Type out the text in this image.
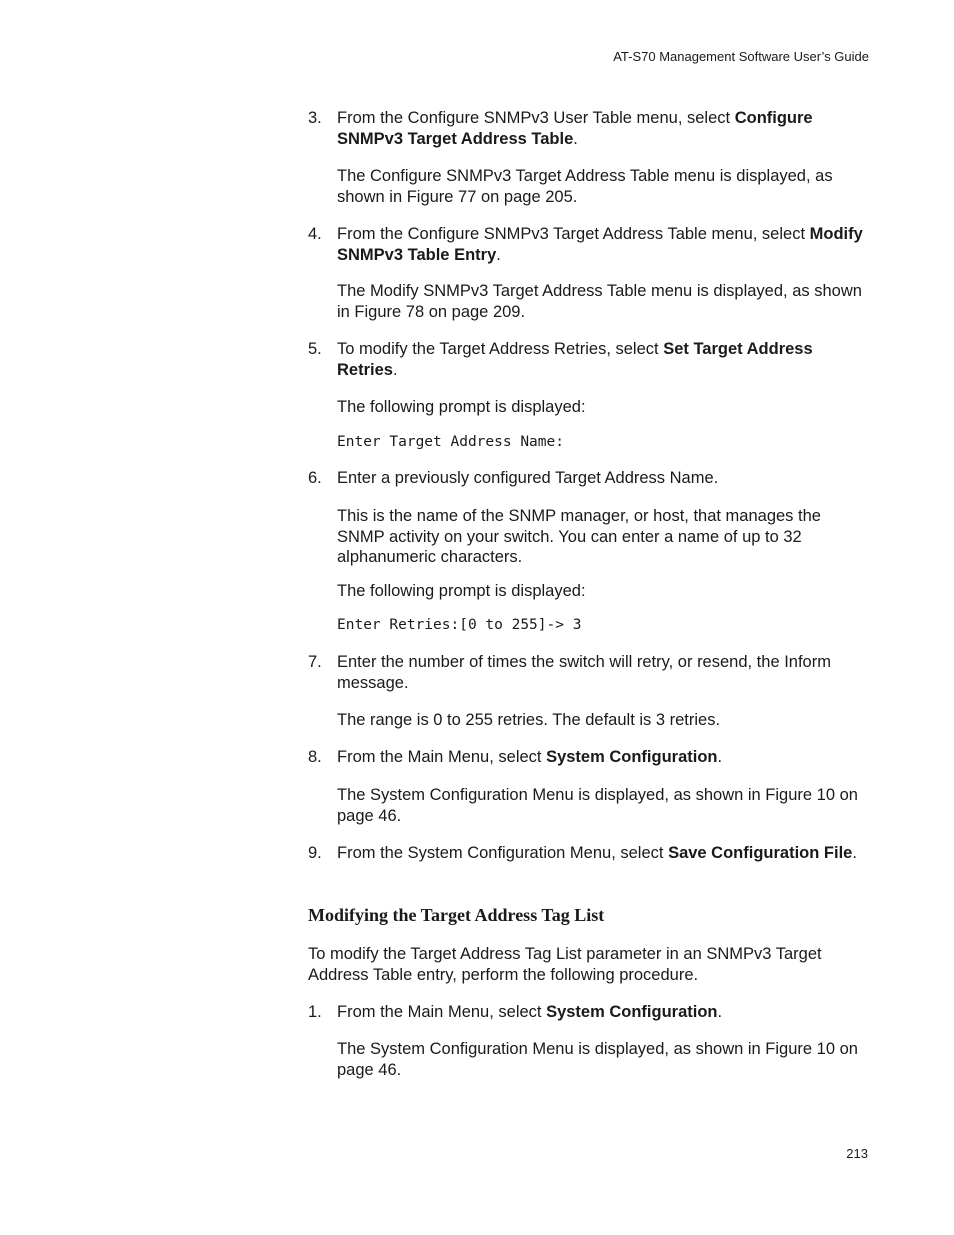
AT-S70 Management Software User’s Guide
3. From the Configure SNMPv3 User Table menu, select Configure SNMPv3 Target Address Table.
The Configure SNMPv3 Target Address Table menu is displayed, as shown in Figure 77 on page 205.
4. From the Configure SNMPv3 Target Address Table menu, select Modify SNMPv3 Table Entry.
The Modify SNMPv3 Target Address Table menu is displayed, as shown in Figure 78 on page 209.
5. To modify the Target Address Retries, select Set Target Address Retries.
The following prompt is displayed:
Enter Target Address Name:
6. Enter a previously configured Target Address Name.
This is the name of the SNMP manager, or host, that manages the SNMP activity on your switch. You can enter a name of up to 32 alphanumeric characters.
The following prompt is displayed:
Enter Retries:[0 to 255]-> 3
7. Enter the number of times the switch will retry, or resend, the Inform message.
The range is 0 to 255 retries. The default is 3 retries.
8. From the Main Menu, select System Configuration.
The System Configuration Menu is displayed, as shown in Figure 10 on page 46.
9. From the System Configuration Menu, select Save Configuration File.
Modifying the Target Address Tag List
To modify the Target Address Tag List parameter in an SNMPv3 Target Address Table entry, perform the following procedure.
1. From the Main Menu, select System Configuration.
The System Configuration Menu is displayed, as shown in Figure 10 on page 46.
213
